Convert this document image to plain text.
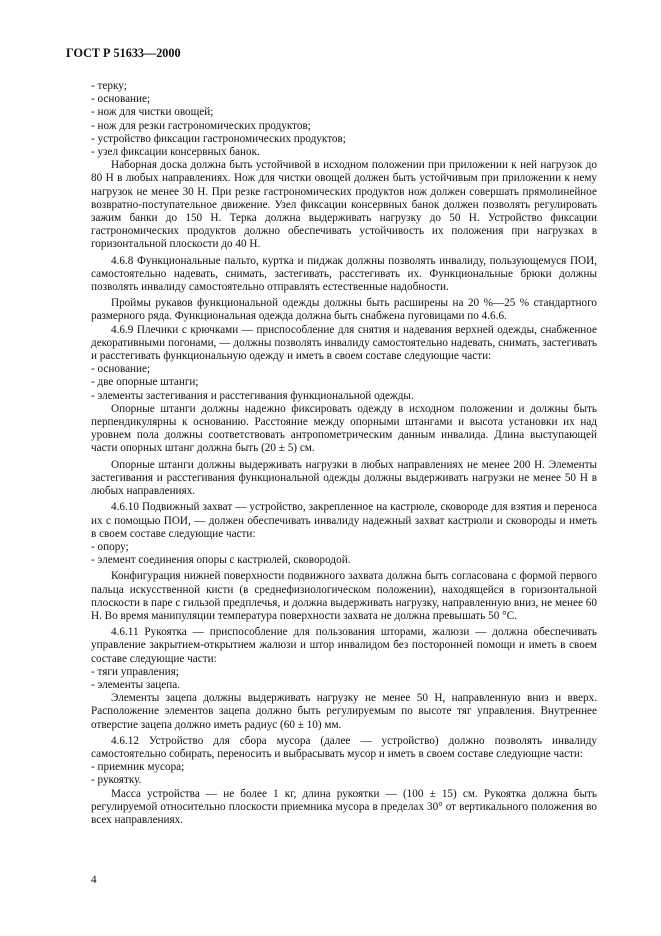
ГОСТ Р 51633—2000
- терку;
- основание;
- нож для чистки овощей;
- нож для резки гастрономических продуктов;
- устройство фиксации гастрономических продуктов;
- узел фиксации консервных банок.

Наборная доска должна быть устойчивой в исходном положении при приложении к ней нагрузок до 80 Н в любых направлениях. Нож для чистки овощей должен быть устойчивым при приложении к нему нагрузок не менее 30 Н. При резке гастрономических продуктов нож должен совершать прямолинейное возвратно-поступательное движение. Узел фиксации консервных банок должен позволять регулировать зажим банки до 150 Н. Терка должна выдерживать нагрузку до 50 Н. Устройство фиксации гастрономических продуктов должно обеспечивать устойчивость их положения при нагрузках в горизонтальной плоскости до 40 Н.

4.6.8 Функциональные пальто, куртка и пиджак должны позволять инвалиду, пользующемуся ПОИ, самостоятельно надевать, снимать, застегивать, расстегивать их. Функциональные брюки должны позволять инвалиду самостоятельно отправлять естественные надобности.

Проймы рукавов функциональной одежды должны быть расширены на 20 %—25 % стандартного размерного ряда. Функциональная одежда должна быть снабжена пуговицами по 4.6.6.

4.6.9 Плечики с крючками — приспособление для снятия и надевания верхней одежды, снабженное декоративными погонами, — должны позволять инвалиду самостоятельно надевать, снимать, застегивать и расстегивать функциональную одежду и иметь в своем составе следующие части:

- основание;
- две опорные штанги;
- элементы застегивания и расстегивания функциональной одежды.

Опорные штанги должны надежно фиксировать одежду в исходном положении и должны быть перпендикулярны к основанию. Расстояние между опорными штангами и высота установки их над уровнем пола должны соответствовать антропометрическим данным инвалида. Длина выступающей части опорных штанг должна быть (20 ± 5) см.

Опорные штанги должны выдерживать нагрузки в любых направлениях не менее 200 Н. Элементы застегивания и расстегивания функциональной одежды должны выдерживать нагрузки не менее 50 Н в любых направлениях.

4.6.10 Подвижный захват — устройство, закрепленное на кастрюле, сковороде для взятия и переноса их с помощью ПОИ, — должен обеспечивать инвалиду надежный захват кастрюли и сковороды и иметь в своем составе следующие части:

- опору;
- элемент соединения опоры с кастрюлей, сковородой.

Конфигурация нижней поверхности подвижного захвата должна быть согласована с формой первого пальца искусственной кисти (в среднефизиологическом положении), находящейся в горизонтальной плоскости в паре с гильзой предплечья, и должна выдерживать нагрузку, направленную вниз, не менее 60 Н. Во время манипуляции температура поверхности захвата не должна превышать 50 °С.

4.6.11 Рукоятка — приспособление для пользования шторами, жалюзи — должна обеспечивать управление закрытием-открытием жалюзи и штор инвалидом без посторонней помощи и иметь в своем составе следующие части:

- тяги управления;
- элементы зацепа.

Элементы зацепа должны выдерживать нагрузку не менее 50 Н, направленную вниз и вверх. Расположение элементов зацепа должно быть регулируемым по высоте тяг управления. Внутреннее отверстие зацепа должно иметь радиус (60 ± 10) мм.

4.6.12 Устройство для сбора мусора (далее — устройство) должно позволять инвалиду самостоятельно собирать, переносить и выбрасывать мусор и иметь в своем составе следующие части:

- приемник мусора;
- рукоятку.

Масса устройства — не более 1 кг, длина рукоятки — (100 ± 15) см. Рукоятка должна быть регулируемой относительно плоскости приемника мусора в пределах 30° от вертикального положения во всех направлениях.

4
